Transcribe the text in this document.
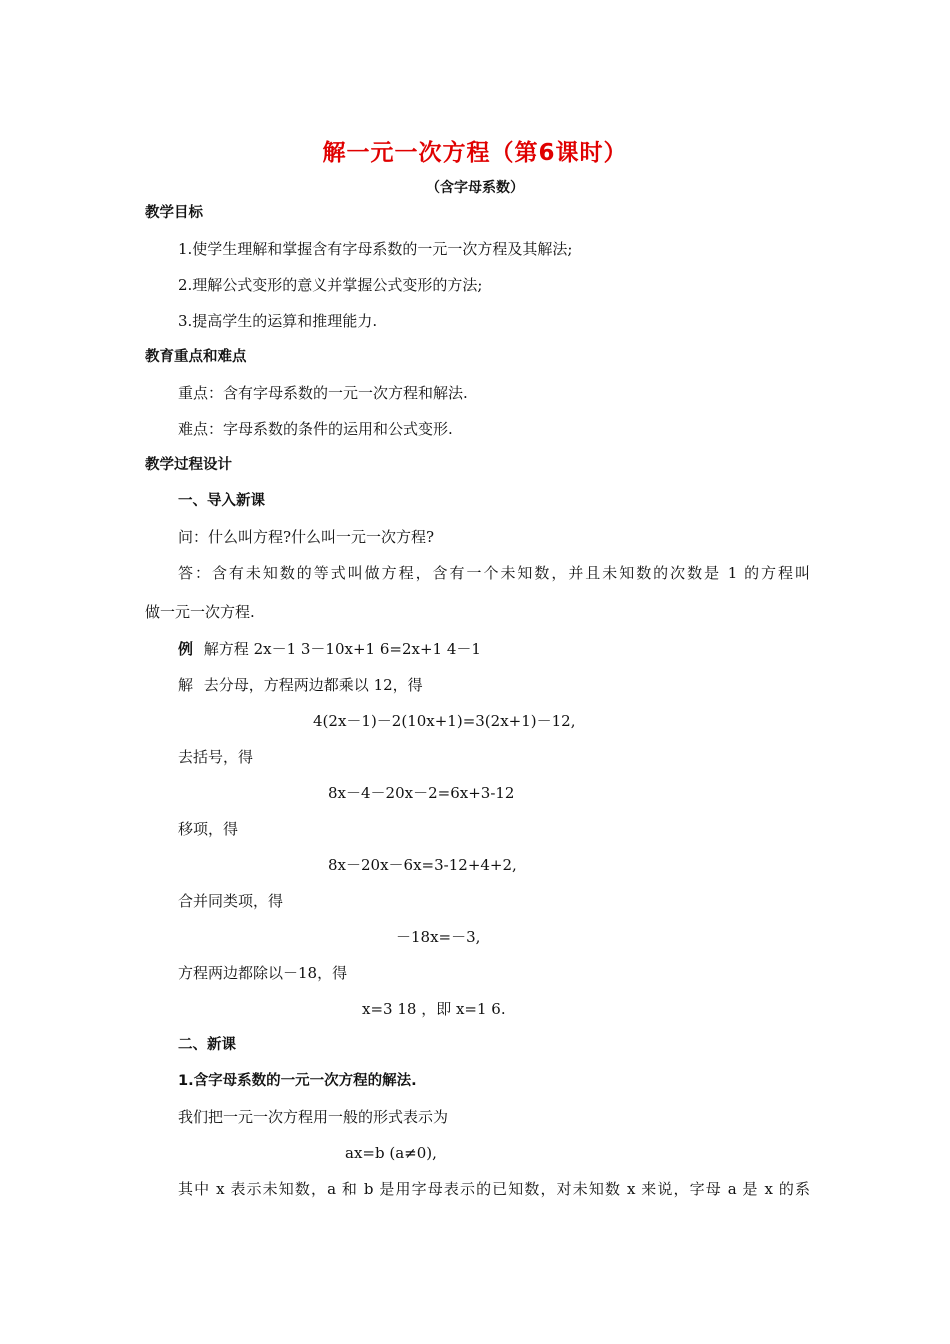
解一元一次方程（第6课时）
（含字母系数）
教学目标
1.使学生理解和掌握含有字母系数的一元一次方程及其解法;
2.理解公式变形的意义并掌握公式变形的方法;
3.提高学生的运算和推理能力.
教育重点和难点
重点：含有字母系数的一元一次方程和解法.
难点：字母系数的条件的运用和公式变形.
教学过程设计
一、导入新课
问：什么叫方程?什么叫一元一次方程?
答：含有未知数的等式叫做方程，含有一个未知数，并且未知数的次数是 1 的方程叫
做一元一次方程.
例 解方程 2x－1 3－10x+1 6=2x+1 4－1
解 去分母，方程两边都乘以 12，得
4(2x－1)－2(10x+1)=3(2x+1)－12,
去括号，得
8x－4－20x－2=6x+3-12
移项，得
8x－20x－6x=3-12+4+2,
合并同类项，得
－18x=－3,
方程两边都除以－18，得
x=3 18 ，即 x=1 6.
二、新课
1.含字母系数的一元一次方程的解法.
我们把一元一次方程用一般的形式表示为
ax=b (a≠0),
其中 x 表示未知数，a 和 b 是用字母表示的已知数，对未知数 x 来说，字母 a 是 x 的系
